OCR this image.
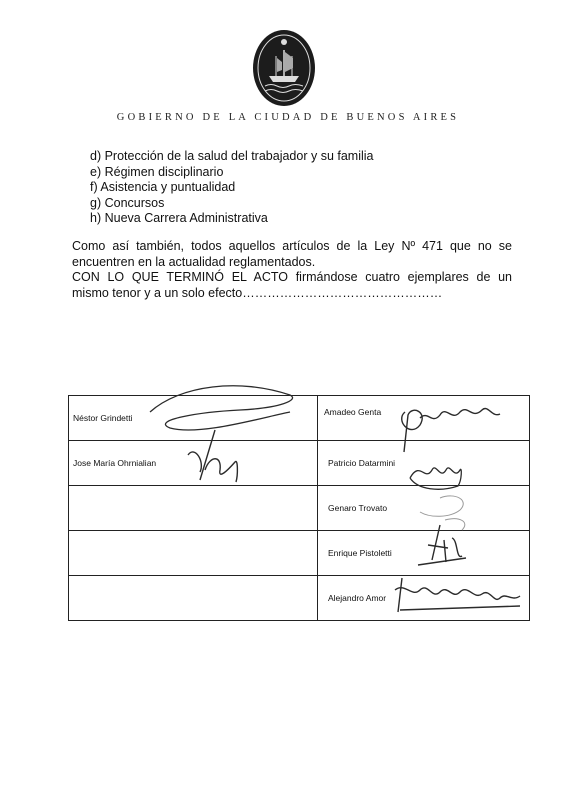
GOBIERNO DE LA CIUDAD DE BUENOS AIRES
d) Protección de la salud del trabajador y su familia
e) Régimen disciplinario
f) Asistencia y puntualidad
g) Concursos
h) Nueva Carrera Administrativa

Como así también, todos aquellos artículos de la Ley Nº 471 que no se
encuentren en la actualidad reglamentados.

CON LO QUE TERMINÓ EL ACTO firmándose cuatro ejemplares de un
mismo tenor y a un solo efecto…………………………………………

Néstor Grindetti	Amadeo Genta
Jose María Ohrnialian	Patricio Datarmini
	Genaro Trovato
	Enrique Pistoletti
	Alejandro Amor
